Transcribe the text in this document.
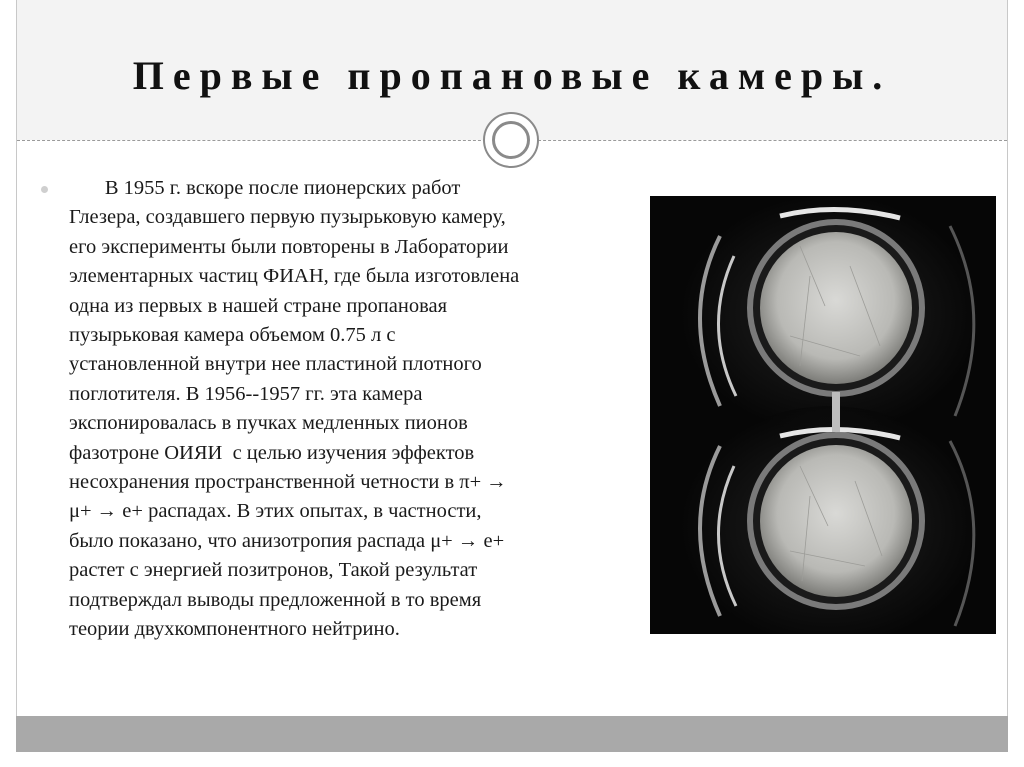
Первые пропановые камеры.

В 1955 г. вскоре после пионерских работ
Глезера, создавшего первую пузырьковую камеру,
его эксперименты были повторены в Лаборатории
элементарных частиц ФИАН, где была изготовлена
одна из первых в нашей стране пропановая
пузырьковая камера объемом 0.75 л с
установленной внутри нее пластиной плотного
поглотителя. В 1956--1957 гг. эта камера
экспонировалась в пучках медленных пионов
фазотроне ОИЯИ  с целью изучения эффектов
несохранения пространственной четности в π+ →
μ+ → e+ распадах. В этих опытах, в частности,
было показано, что анизотропия распада μ+ → e+
растет с энергией позитронов, Такой результат
подтверждал выводы предложенной в то время
теории двухкомпонентного нейтрино.
